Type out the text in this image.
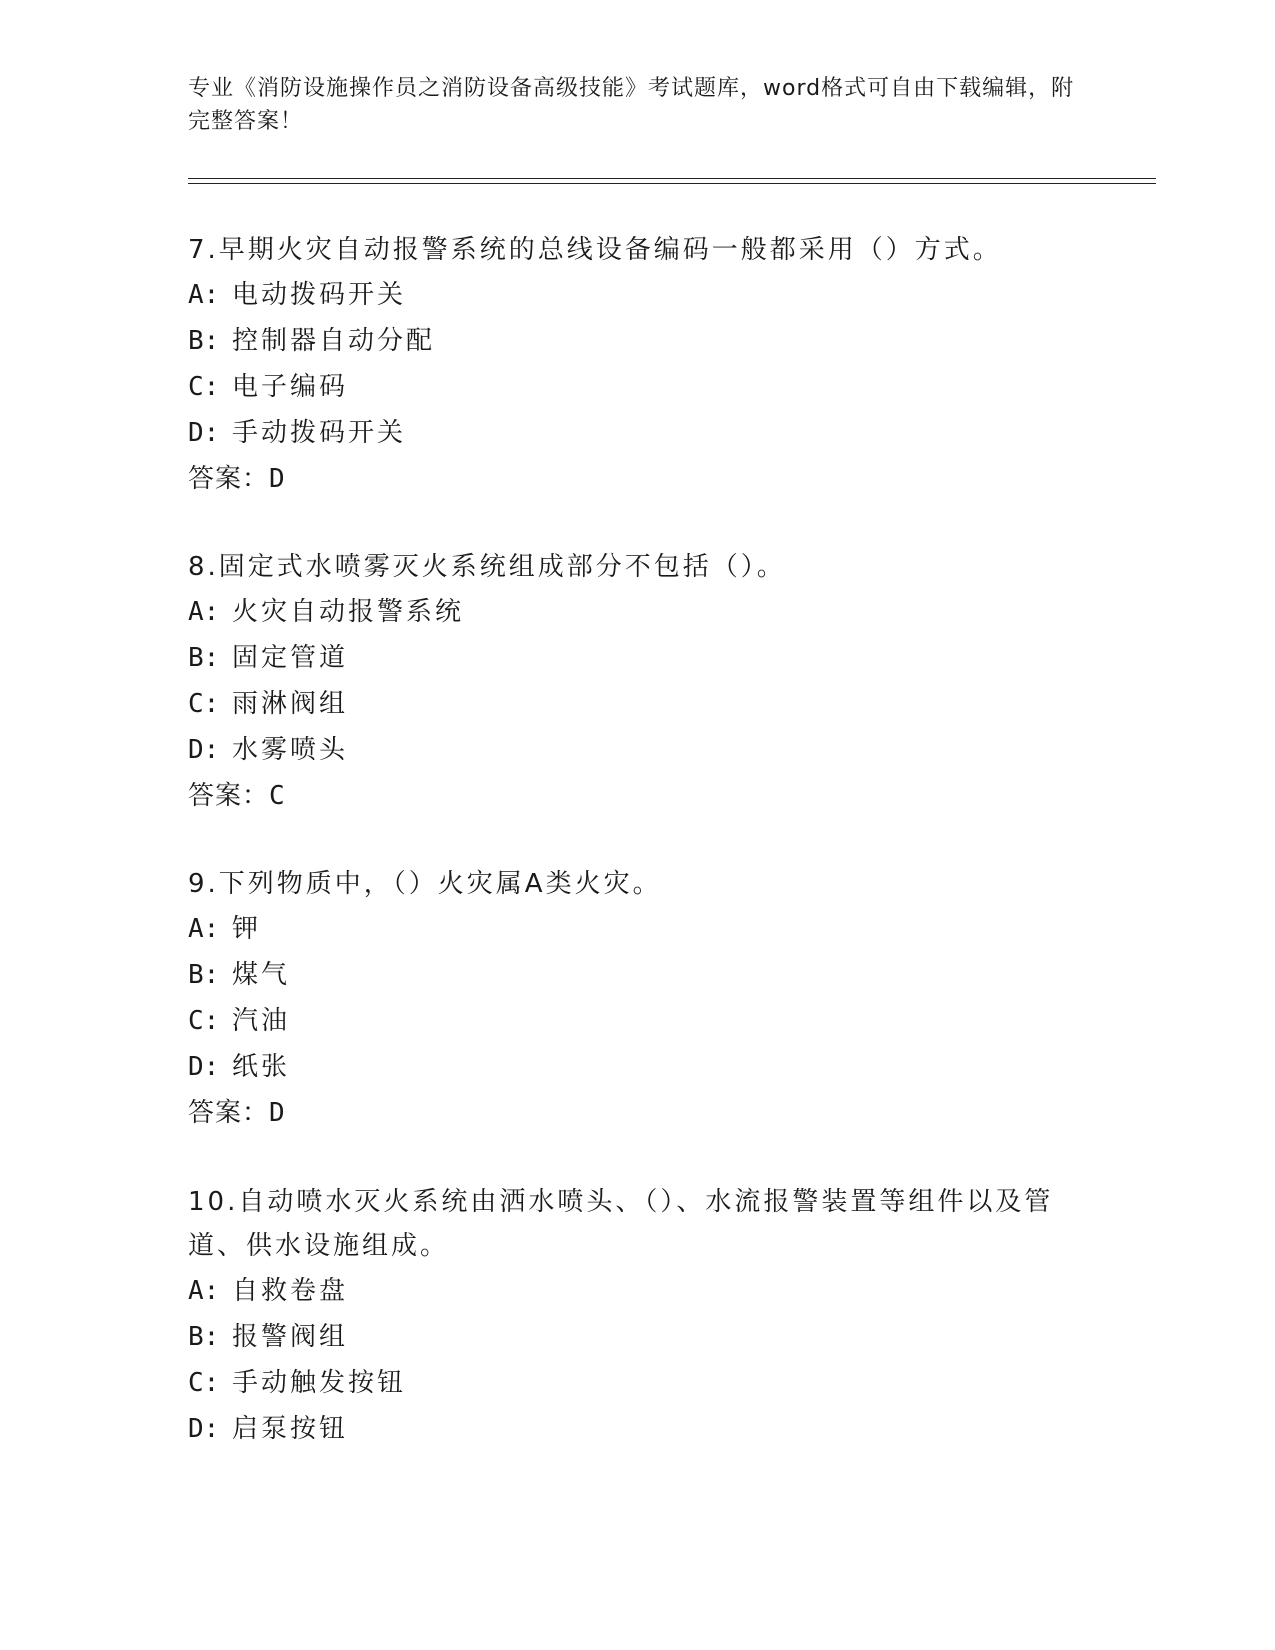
专业《消防设施操作员之消防设备高级技能》考试题库，word格式可自由下载编辑，附完整答案！

7.早期火灾自动报警系统的总线设备编码一般都采用（）方式。

A: 电动拨码开关

B: 控制器自动分配

C: 电子编码

D: 手动拨码开关

答案：D

8.固定式水喷雾灭火系统组成部分不包括（）。

A: 火灾自动报警系统

B: 固定管道

C: 雨淋阀组

D: 水雾喷头

答案：C

9.下列物质中，（）火灾属A类火灾。

A: 钾

B: 煤气

C: 汽油

D: 纸张

答案：D

10.自动喷水灭火系统由洒水喷头、（）、水流报警装置等组件以及管道、供水设施组成。

A: 自救卷盘

B: 报警阀组

C: 手动触发按钮

D: 启泵按钮
